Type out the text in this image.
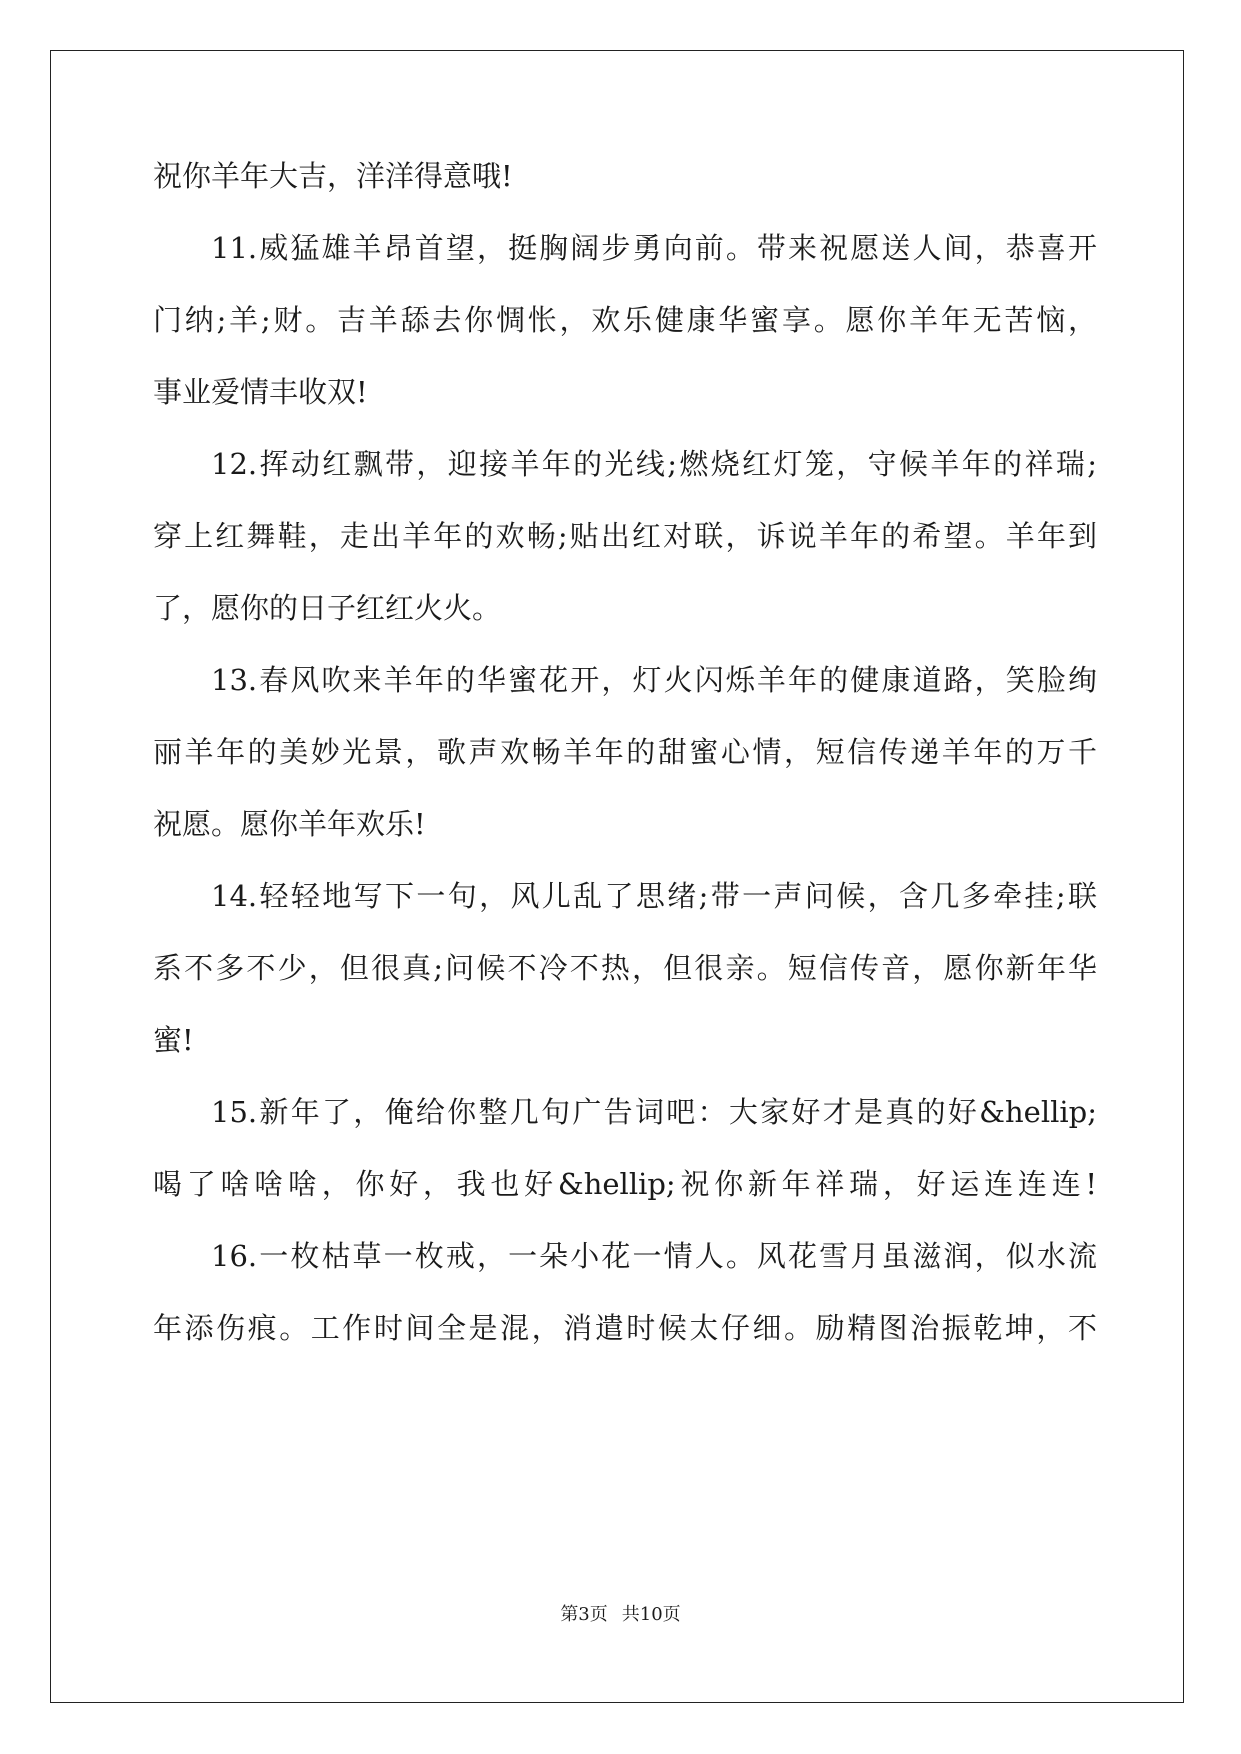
祝你羊年大吉，洋洋得意哦!
11.威猛雄羊昂首望，挺胸阔步勇向前。带来祝愿送人间，恭喜开
门纳;羊;财。吉羊舔去你惆怅，欢乐健康华蜜享。愿你羊年无苦恼，
事业爱情丰收双!
12.挥动红飘带，迎接羊年的光线;燃烧红灯笼，守候羊年的祥瑞;
穿上红舞鞋，走出羊年的欢畅;贴出红对联，诉说羊年的希望。羊年到
了，愿你的日子红红火火。
13.春风吹来羊年的华蜜花开，灯火闪烁羊年的健康道路，笑脸绚
丽羊年的美妙光景，歌声欢畅羊年的甜蜜心情，短信传递羊年的万千
祝愿。愿你羊年欢乐!
14.轻轻地写下一句，风儿乱了思绪;带一声问候，含几多牵挂;联
系不多不少，但很真;问候不冷不热，但很亲。短信传音，愿你新年华
蜜!
15.新年了，俺给你整几句广告词吧：大家好才是真的好&hellip;
喝了啥啥啥，你好，我也好&hellip;祝你新年祥瑞，好运连连连!
16.一枚枯草一枚戒，一朵小花一情人。风花雪月虽滋润，似水流
年添伤痕。工作时间全是混，消遣时候太仔细。励精图治振乾坤，不
第3页 共10页
